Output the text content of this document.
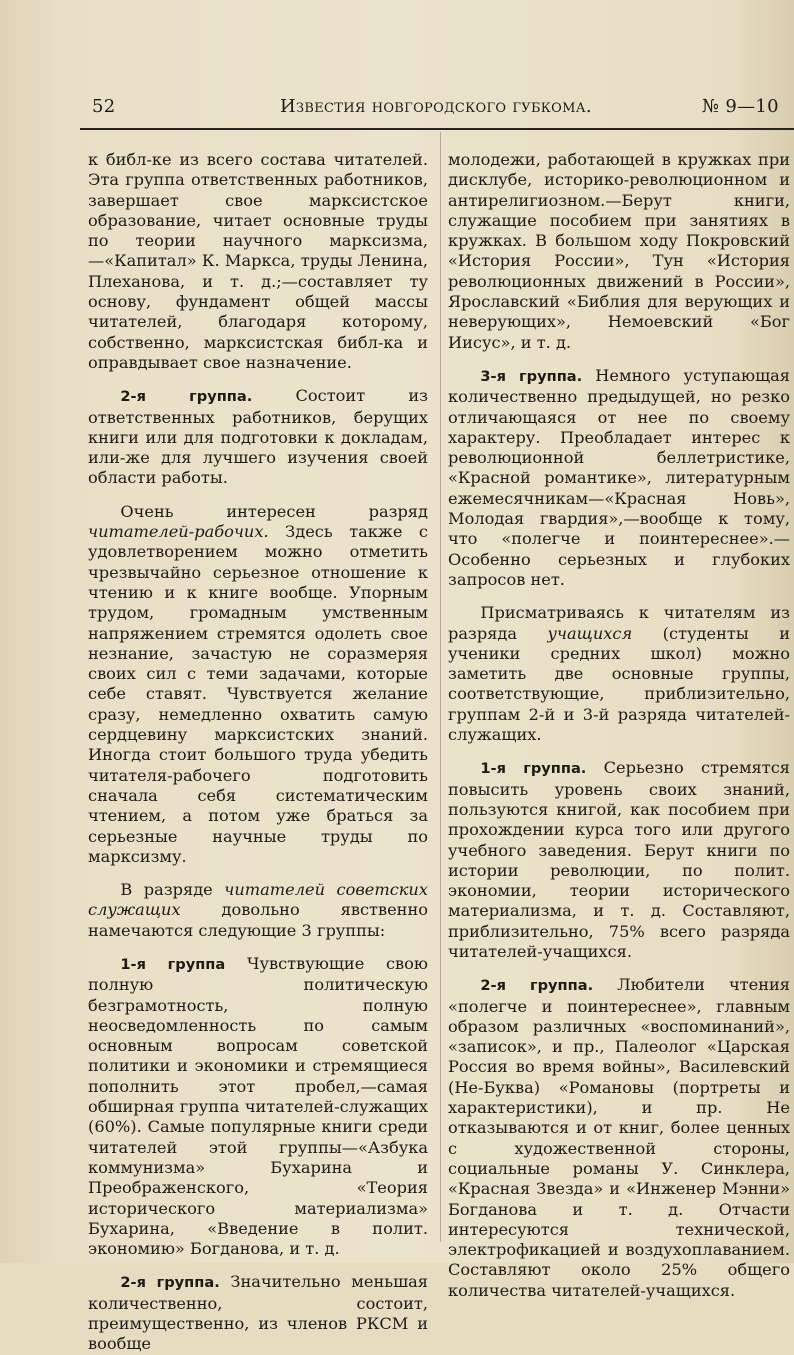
52	Известия новгородского губкома.	№ 9—10

к библ-ке из всего состава читателей. Эта группа ответственных работников, завершает свое марксистское образование, читает основные труды по теории научного марксизма,—«Капитал» К. Маркса, труды Ленина, Плеханова, и т. д.;—составляет ту основу, фундамент общей массы читателей, благодаря которому, собственно, марксистская библ-ка и оправдывает свое назначение.

2-я группа. Состоит из ответственных работников, берущих книги или для подготовки к докладам, или-же для лучшего изучения своей области работы.

Очень интересен разряд читателей-рабочих. Здесь также с удовлетворением можно отметить чрезвычайно серьезное отношение к чтению и к книге вообще. Упорным трудом, громадным умственным напряжением стремятся одолеть свое незнание, зачастую не соразмеряя своих сил с теми задачами, которые себе ставят. Чувствуется желание сразу, немедленно охватить самую сердцевину марксистских знаний. Иногда стоит большого труда убедить читателя-рабочего подготовить сначала себя систематическим чтением, а потом уже браться за серьезные научные труды по марксизму.

В разряде читателей советских служащих довольно явственно намечаются следующие 3 группы:

1-я группа Чувствующие свою полную политическую безграмотность, полную неосведомленность по самым основным вопросам советской политики и экономики и стремящиеся пополнить этот пробел,—самая обширная группа читателей-служащих (60%). Самые популярные книги среди читателей этой группы—«Азбука коммунизма» Бухарина и Преображенского, «Теория исторического материализма» Бухарина, «Введение в полит. экономию» Богданова, и т. д.

2-я группа. Значительно меньшая количественно, состоит, преимущественно, из членов РКСМ и вообще

молодежи, работающей в кружках при дисклубе, историко-революционном и антирелигиозном.—Берут книги, служащие пособием при занятиях в кружках. В большом ходу Покровский «История России», Тун «История революционных движений в России», Ярославский «Библия для верующих и неверующих», Немоевский «Бог Иисус», и т. д.

3-я группа. Немного уступающая количественно предыдущей, но резко отличающаяся от нее по своему характеру. Преобладает интерес к революционной беллетристике, «Красной романтике», литературным ежемесячникам—«Красная Новь», Молодая гвардия»,—вообще к тому, что «полегче и поинтереснее».—Особенно серьезных и глубоких запросов нет.

Присматриваясь к читателям из разряда учащихся (студенты и ученики средних школ) можно заметить две основные группы, соответствующие, приблизительно, группам 2-й и 3-й разряда читателей-служащих.

1-я группа. Серьезно стремятся повысить уровень своих знаний, пользуются книгой, как пособием при прохождении курса того или другого учебного заведения. Берут книги по истории революции, по полит. экономии, теории исторического материализма, и т. д. Составляют, приблизительно, 75% всего разряда читателей-учащихся.

2-я группа. Любители чтения «полегче и поинтереснее», главным образом различных «воспоминаний», «записок», и пр., Палеолог «Царская Россия во время войны», Василевский (Не-Буква) «Романовы (портреты и характеристики), и пр. Не отказываются и от книг, более ценных с художественной стороны, социальные романы У. Синклера, «Красная Звезда» и «Инженер Мэнни» Богданова и т. д. Отчасти интересуются технической, электрофикацией и воздухоплаванием. Составляют около 25% общего количества читателей-учащихся.
